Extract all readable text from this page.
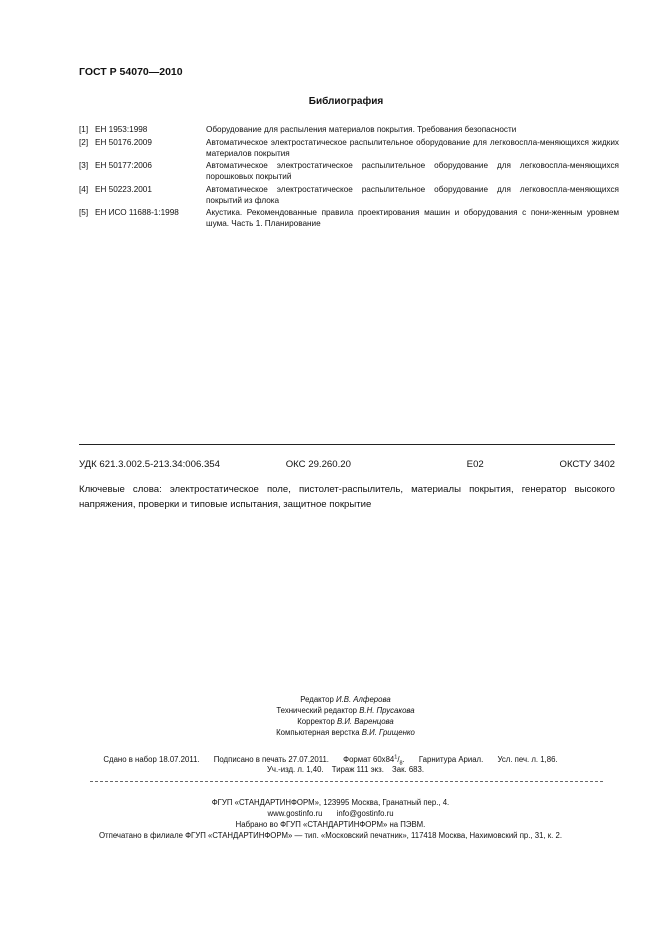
ГОСТ Р 54070—2010
Библиография
[1] ЕН 1953:1998	Оборудование для распыления материалов покрытия. Требования безопасности
[2] ЕН 50176.2009	Автоматическое электростатическое распылительное оборудование для легковоспла-меняющихся жидких материалов покрытия
[3] ЕН 50177:2006	Автоматическое электростатическое распылительное оборудование для легковоспла-меняющихся порошковых покрытий
[4] ЕН 50223.2001	Автоматическое электростатическое распылительное оборудование для легковоспла-меняющихся покрытий из флока
[5] ЕН ИСО 11688-1:1998	Акустика. Рекомендованные правила проектирования машин и оборудования с пони-женным уровнем шума. Часть 1. Планирование
УДК 621.3.002.5-213.34:006.354	ОКС 29.260.20	Е02	ОКСТУ 3402
Ключевые слова: электростатическое поле, пистолет-распылитель, материалы покрытия, генератор высокого напряжения, проверки и типовые испытания, защитное покрытие
Редактор И.В. Алферова
Технический редактор В.Н. Прусакова
Корректор В.И. Варенцова
Компьютерная верстка В.И. Грищенко
Сдано в набор 18.07.2011. Подписано в печать 27.07.2011. Формат $60х84^1/_8$. Гарнитура Ариал. Усл. печ. л. 1,86.
Уч.-изд. л. 1,40. Тираж 111 экз. Зак. 683.
ФГУП «СТАНДАРТИНФОРМ», 123995 Москва, Гранатный пер., 4.
www.gostinfo.ru info@gostinfo.ru
Набрано во ФГУП «СТАНДАРТИНФОРМ» на ПЭВМ.
Отпечатано в филиале ФГУП «СТАНДАРТИНФОРМ» — тип. «Московский печатник», 117418 Москва, Нахимовский пр., 31, к. 2.
